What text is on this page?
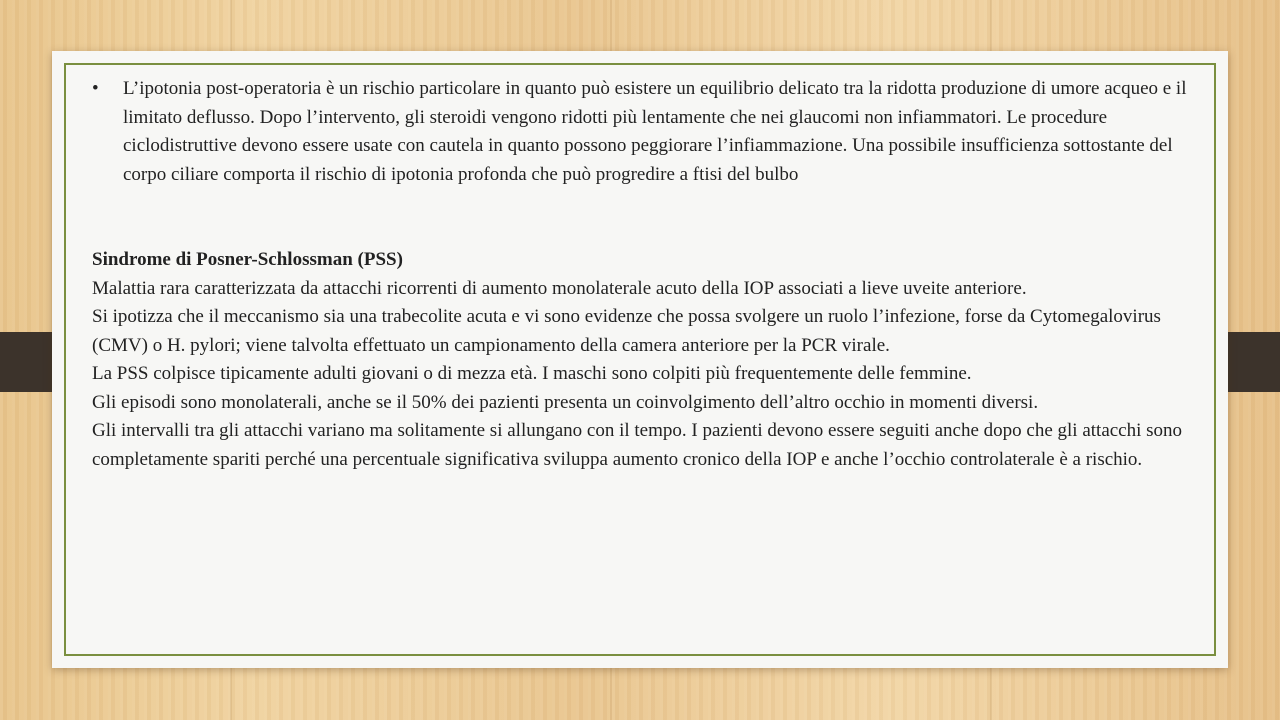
• L’ipotonia post-operatoria è un rischio particolare in quanto può esistere un equilibrio delicato tra la ridotta produzione di umore acqueo e il limitato deflusso. Dopo l’intervento, gli steroidi vengono ridotti più lentamente che nei glaucomi non infiammatori. Le procedure ciclodistruttive devono essere usate con cautela in quanto possono peggiorare l’infiammazione. Una possibile insufficienza sottostante del corpo ciliare comporta il rischio di ipotonia profonda che può progredire a ftisi del bulbo

Sindrome di Posner-Schlossman (PSS)

Malattia rara caratterizzata da attacchi ricorrenti di aumento monolaterale acuto della IOP associati a lieve uveite anteriore.

Si ipotizza che il meccanismo sia una trabecolite acuta e vi sono evidenze che possa svolgere un ruolo l’infezione, forse da Cytomegalovirus (CMV) o H. pylori; viene talvolta effettuato un campionamento della camera anteriore per la PCR virale.

La PSS colpisce tipicamente adulti giovani o di mezza età. I maschi sono colpiti più frequentemente delle femmine.

Gli episodi sono monolaterali, anche se il 50% dei pazienti presenta un coinvolgimento dell’altro occhio in momenti diversi.

Gli intervalli tra gli attacchi variano ma solitamente si allungano con il tempo. I pazienti devono essere seguiti anche dopo che gli attacchi sono completamente spariti perché una percentuale significativa sviluppa aumento cronico della IOP e anche l’occhio controlaterale è a rischio.
